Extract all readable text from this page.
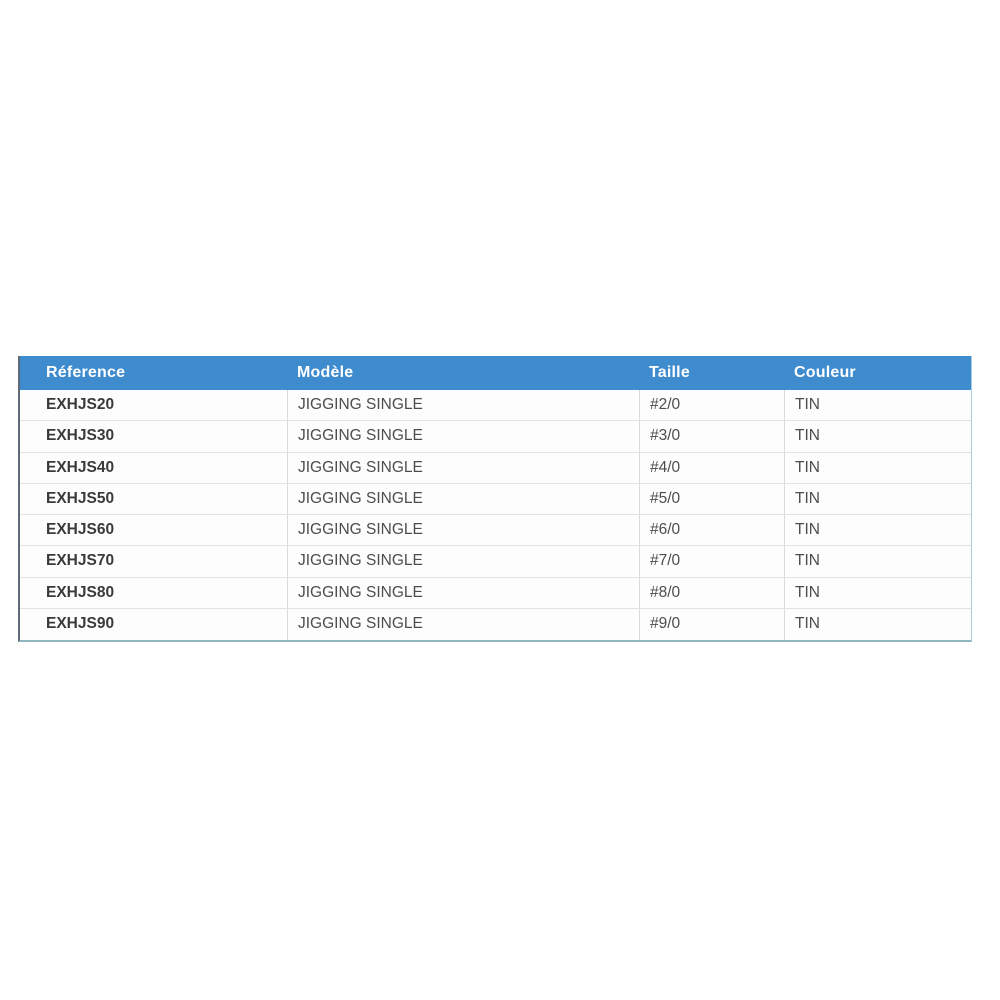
Réference	Modèle	Taille	Couleur
EXHJS20	JIGGING SINGLE	#2/0	TIN
EXHJS30	JIGGING SINGLE	#3/0	TIN
EXHJS40	JIGGING SINGLE	#4/0	TIN
EXHJS50	JIGGING SINGLE	#5/0	TIN
EXHJS60	JIGGING SINGLE	#6/0	TIN
EXHJS70	JIGGING SINGLE	#7/0	TIN
EXHJS80	JIGGING SINGLE	#8/0	TIN
EXHJS90	JIGGING SINGLE	#9/0	TIN
